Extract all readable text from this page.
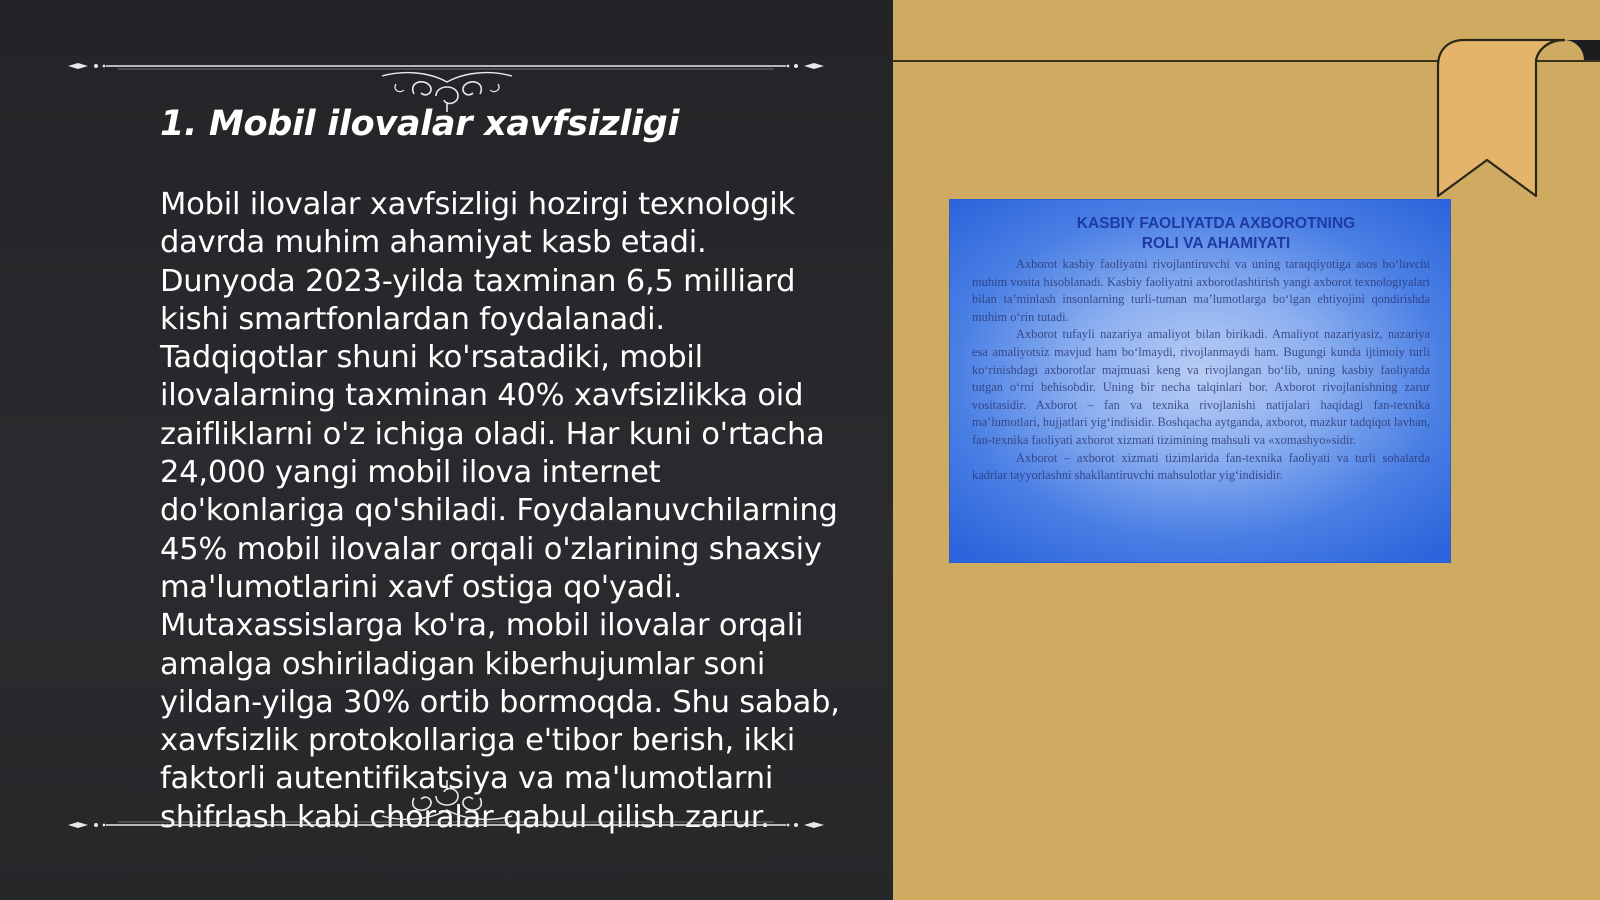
1. Mobil ilovalar xavfsizligi

Mobil ilovalar xavfsizligi hozirgi texnologik davrda muhim ahamiyat kasb etadi. Dunyoda 2023-yilda taxminan 6,5 milliard kishi smartfonlardan foydalanadi. Tadqiqotlar shuni ko'rsatadiki, mobil ilovalarning taxminan 40% xavfsizlikka oid zaifliklarni o'z ichiga oladi. Har kuni o'rtacha 24,000 yangi mobil ilova internet do'konlariga qo'shiladi. Foydalanuvchilarning 45% mobil ilovalar orqali o'zlarining shaxsiy ma'lumotlarini xavf ostiga qo'yadi. Mutaxassislarga ko'ra, mobil ilovalar orqali amalga oshiriladigan kiberhujumlar soni yildan-yilga 30% ortib bormoqda. Shu sabab, xavfsizlik protokollariga e'tibor berish, ikki faktorli autentifikatsiya va ma'lumotlarni shifrlash kabi choralar qabul qilish zarur.

KASBIY FAOLIYATDA AXBOROTNING
ROLI VA AHAMIYATI

Axborot kasbiy faoliyatni rivojlantiruvchi va uning taraqqiyotiga asos bo‘luvchi muhim vosita hisoblanadi. Kasbiy faoliyatni axborotlashtirish yangi axborot texnologiyalari bilan ta’minlash insonlarning turli-tuman ma’lumotlarga bo‘lgan ehtiyojini qondirishda muhim o‘rin tutadi.

Axborot tufayli nazariya amaliyot bilan birikadi. Amaliyot nazariyasiz, nazariya esa amaliyotsiz mavjud ham bo‘lmaydi, rivojlanmaydi ham. Bugungi kunda ijtimoiy turli ko‘rinishdagi axborotlar majmuasi keng va rivojlangan bo‘lib, uning kasbiy faoliyatda tutgan o‘rni beħisobdir. Uning bir necha talqinlari bor. Axborot rivojlanishning zarur vositasidir. Axborot – fan va texnika rivojlanishi natijalari haqidagi fan-texnika ma’lumotlari, hujjatlari yig‘indisidir. Boshqacha aytganda, axborot, mazkur tadqiqot lavhan, fan-texnika faoliyati axborot xizmati tizimining mahsuli va «xomashyo»sidir.

Axborot – axborot xizmati tizimlarida fan-texnika faoliyati va turli sohalarda kadrlar tayyorlashni shakllantiruvchi mahsulotlar yig‘indisidir.
